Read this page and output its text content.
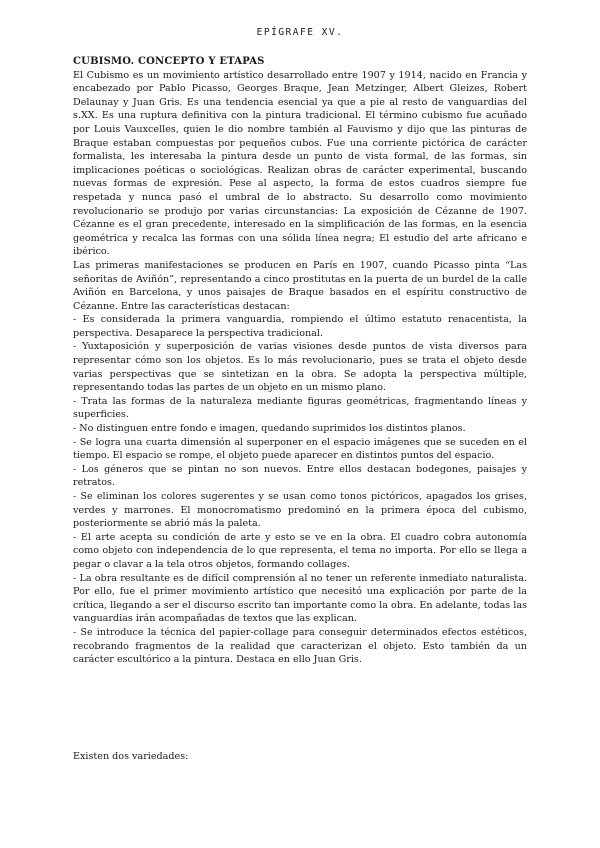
EPÍGRAFE XV.

CUBISMO. CONCEPTO Y ETAPAS

El Cubismo es un movimiento artístico desarrollado entre 1907 y 1914, nacido en Francia y encabezado por Pablo Picasso, Georges Braque, Jean Metzinger, Albert Gleizes, Robert Delaunay y Juan Gris. Es una tendencia esencial ya que a pie al resto de vanguardias del s.XX. Es una ruptura definitiva con la pintura tradicional. El término cubismo fue acuñado por Louis Vauxcelles, quien le dio nombre también al Fauvismo y dijo que las pinturas de Braque estaban compuestas por pequeños cubos. Fue una corriente pictórica de carácter formalista, les interesaba la pintura desde un punto de vista formal, de las formas, sin implicaciones poéticas o sociológicas. Realizan obras de carácter experimental, buscando nuevas formas de expresión. Pese al aspecto, la forma de estos cuadros siempre fue respetada y nunca pasó el umbral de lo abstracto. Su desarrollo como movimiento revolucionario se produjo por varias circunstancias: La exposición de Cézanne de 1907. Cézanne es el gran precedente, interesado en la simplificación de las formas, en la esencia geométrica y recalca las formas con una sólida línea negra; El estudio del arte africano e ibérico.

Las primeras manifestaciones se producen en París en 1907, cuando Picasso pinta “Las señoritas de Aviñón”, representando a cinco prostitutas en la puerta de un burdel de la calle Aviñón en Barcelona, y unos paisajes de Braque basados en el espíritu constructivo de Cézanne. Entre las características destacan:

- Es considerada la primera vanguardia, rompiendo el último estatuto renacentista, la perspectiva. Desaparece la perspectiva tradicional.

- Yuxtaposición y superposición de varias visiones desde puntos de vista diversos para representar cómo son los objetos. Es lo más revolucionario, pues se trata el objeto desde varias perspectivas que se sintetizan en la obra. Se adopta la perspectiva múltiple, representando todas las partes de un objeto en un mismo plano.

- Trata las formas de la naturaleza mediante figuras geométricas, fragmentando líneas y superficies.

- No distinguen entre fondo e imagen, quedando suprimidos los distintos planos.

- Se logra una cuarta dimensión al superponer en el espacio imágenes que se suceden en el tiempo. El espacio se rompe, el objeto puede aparecer en distintos puntos del espacio.

- Los géneros que se pintan no son nuevos. Entre ellos destacan bodegones, paisajes y retratos.

- Se eliminan los colores sugerentes y se usan como tonos pictóricos, apagados los grises, verdes y marrones. El monocromatismo predominó en la primera época del cubismo, posteriormente se abrió más la paleta.

- El arte acepta su condición de arte y esto se ve en la obra. El cuadro cobra autonomía como objeto con independencia de lo que representa, el tema no importa. Por ello se llega a pegar o clavar a la tela otros objetos, formando collages.

- La obra resultante es de difícil comprensión al no tener un referente inmediato naturalista. Por ello, fue el primer movimiento artístico que necesitó una explicación por parte de la crítica, llegando a ser el discurso escrito tan importante como la obra. En adelante, todas las vanguardias irán acompañadas de textos que las explican.

- Se introduce la técnica del papier-collage para conseguir determinados efectos estéticos, recobrando fragmentos de la realidad que caracterizan el objeto. Esto también da un carácter escultórico a la pintura. Destaca en ello Juan Gris.

Existen dos variedades:
